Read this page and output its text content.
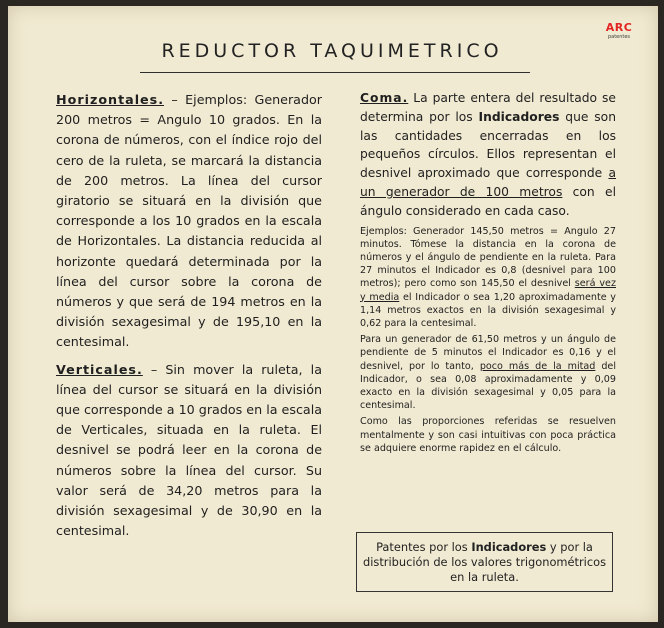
ARC
patentes
REDUCTOR TAQUIMETRICO

Horizontales. – Ejemplos: Generador 200 metros = Angulo 10 grados. En la corona de números, con el índice rojo del cero de la ruleta, se marcará la distancia de 200 metros. La línea del cursor giratorio se situará en la división que corresponde a los 10 grados en la escala de Horizontales. La distancia reducida al horizonte quedará determinada por la línea del cursor sobre la corona de números y que será de 194 metros en la división sexagesimal y de 195,10 en la centesimal.

Verticales. – Sin mover la ruleta, la línea del cursor se situará en la división que corresponde a 10 grados en la escala de Verticales, situada en la ruleta. El desnivel se podrá leer en la corona de números sobre la línea del cursor. Su valor será de 34,20 metros para la división sexagesimal y de 30,90 en la centesimal.

Coma. La parte entera del resultado se determina por los Indicadores que son las cantidades encerradas en los pequeños círculos. Ellos representan el desnivel aproximado que corresponde a un generador de 100 metros con el ángulo considerado en cada caso.

Ejemplos: Generador 145,50 metros = Angulo 27 minutos. Tómese la distancia en la corona de números y el ángulo de pendiente en la ruleta. Para 27 minutos el Indicador es 0,8 (desnivel para 100 metros); pero como son 145,50 el desnivel será vez y media el Indicador o sea 1,20 aproximadamente y 1,14 metros exactos en la división sexagesimal y 0,62 para la centesimal.

Para un generador de 61,50 metros y un ángulo de pendiente de 5 minutos el Indicador es 0,16 y el desnivel, por lo tanto, poco más de la mitad del Indicador, o sea 0,08 aproximadamente y 0,09 exacto en la división sexagesimal y 0,05 para la centesimal.

Como las proporciones referidas se resuelven mentalmente y son casi intuitivas con poca práctica se adquiere enorme rapidez en el cálculo.

Patentes por los Indicadores y por la distribución de los valores trigonométricos en la ruleta.
